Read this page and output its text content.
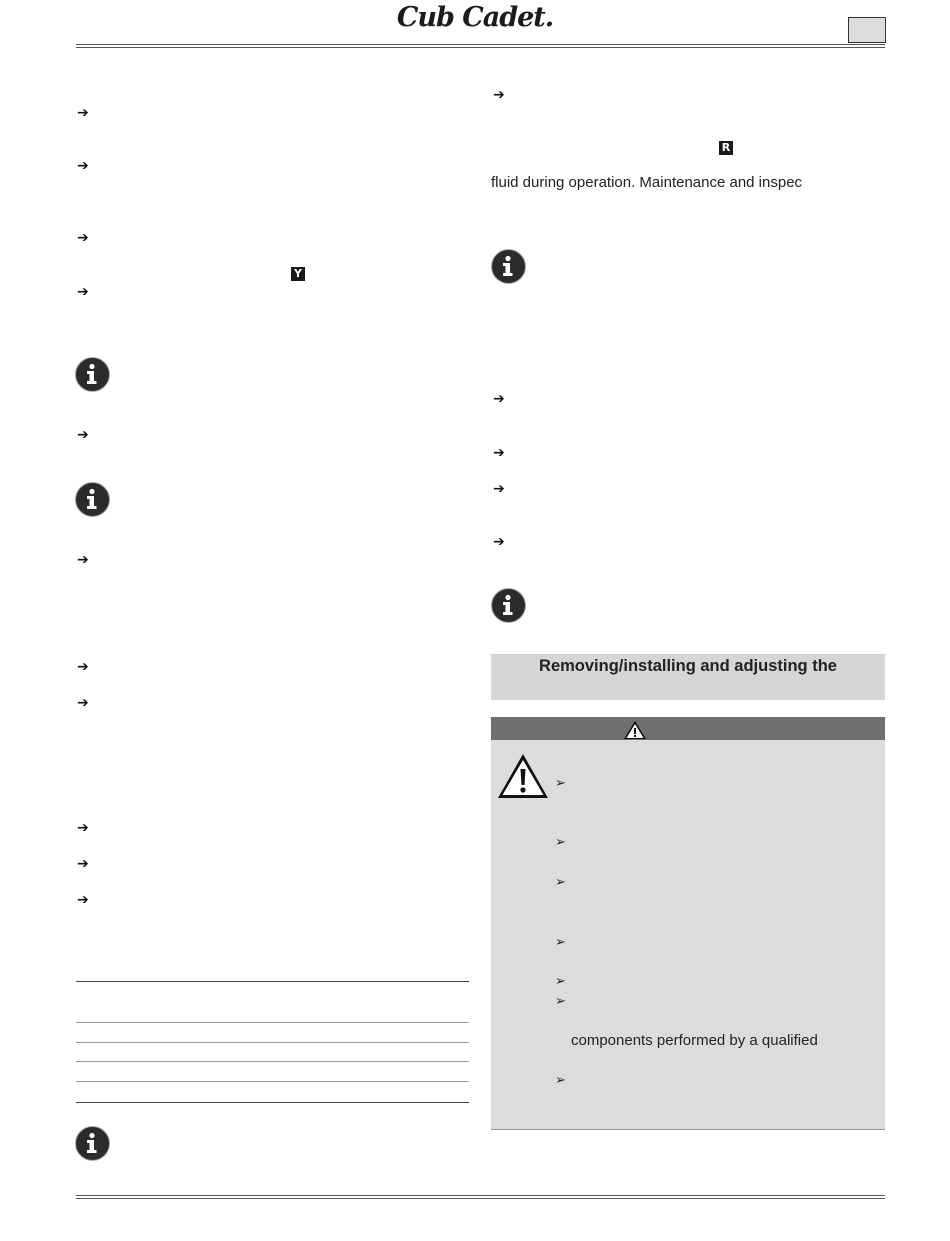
Cub Cadet.
➔
➔
➔
Y
➔
➔
➔
➔
➔
➔
➔
➔
➔
R
fluid during operation. Maintenance and inspec
➔
➔
➔
➔
Removing/installing and adjusting the
➢
➢
➢
➢
➢
➢
components performed by a qualified
➢
